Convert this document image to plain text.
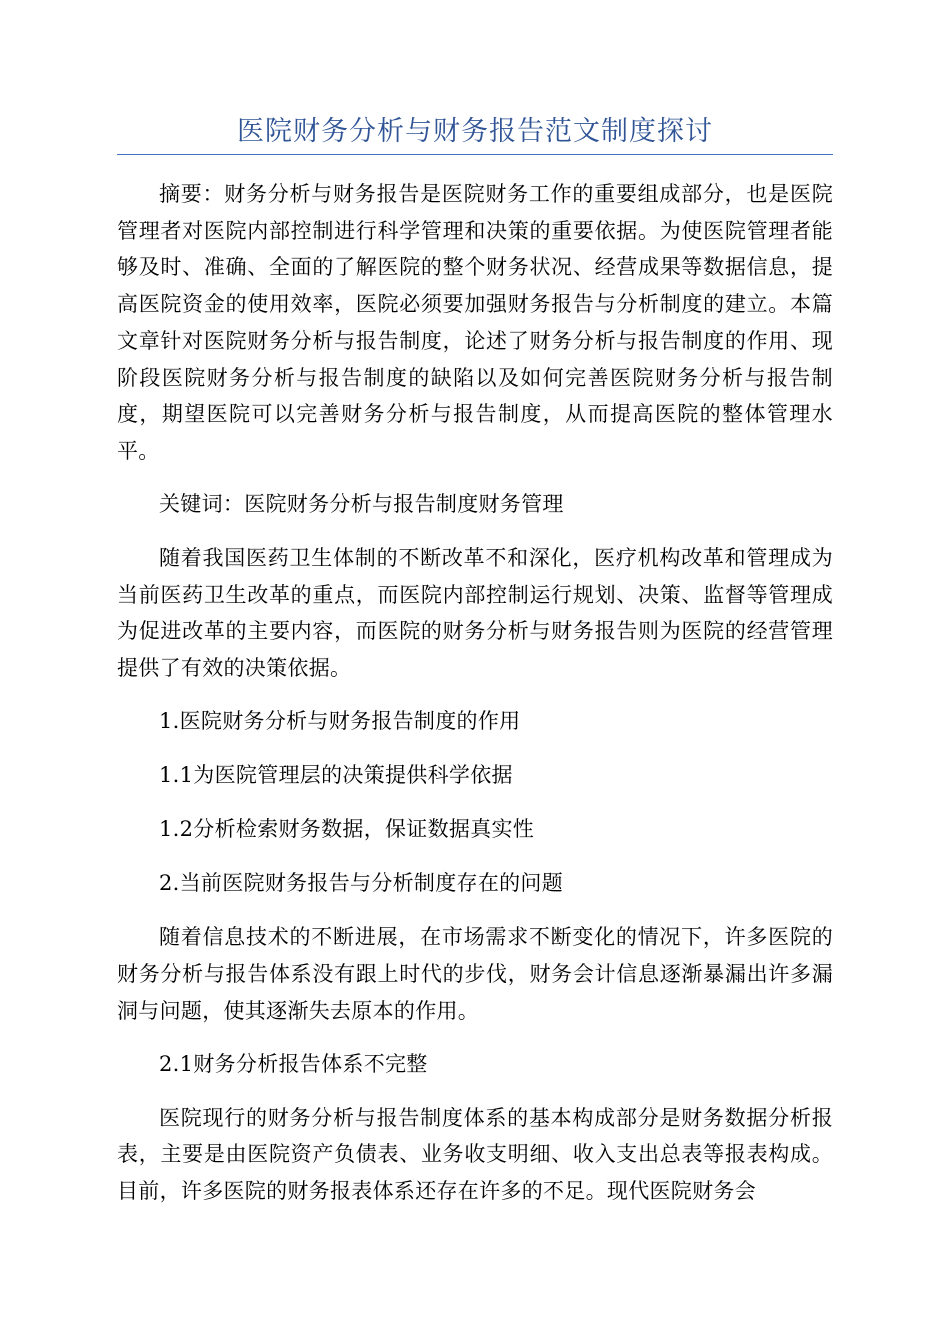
医院财务分析与财务报告范文制度探讨

摘要：财务分析与财务报告是医院财务工作的重要组成部分，也是医院管理者对医院内部控制进行科学管理和决策的重要依据。为使医院管理者能够及时、准确、全面的了解医院的整个财务状况、经营成果等数据信息，提高医院资金的使用效率，医院必须要加强财务报告与分析制度的建立。本篇文章针对医院财务分析与报告制度，论述了财务分析与报告制度的作用、现阶段医院财务分析与报告制度的缺陷以及如何完善医院财务分析与报告制度，期望医院可以完善财务分析与报告制度，从而提高医院的整体管理水平。

关键词：医院财务分析与报告制度财务管理

随着我国医药卫生体制的不断改革不和深化，医疗机构改革和管理成为当前医药卫生改革的重点，而医院内部控制运行规划、决策、监督等管理成为促进改革的主要内容，而医院的财务分析与财务报告则为医院的经营管理提供了有效的决策依据。

1.医院财务分析与财务报告制度的作用

1.1为医院管理层的决策提供科学依据

1.2分析检索财务数据，保证数据真实性

2.当前医院财务报告与分析制度存在的问题

随着信息技术的不断进展，在市场需求不断变化的情况下，许多医院的财务分析与报告体系没有跟上时代的步伐，财务会计信息逐渐暴漏出许多漏洞与问题，使其逐渐失去原本的作用。

2.1财务分析报告体系不完整

医院现行的财务分析与报告制度体系的基本构成部分是财务数据分析报表，主要是由医院资产负债表、业务收支明细、收入支出总表等报表构成。目前，许多医院的财务报表体系还存在许多的不足。现代医院财务会
